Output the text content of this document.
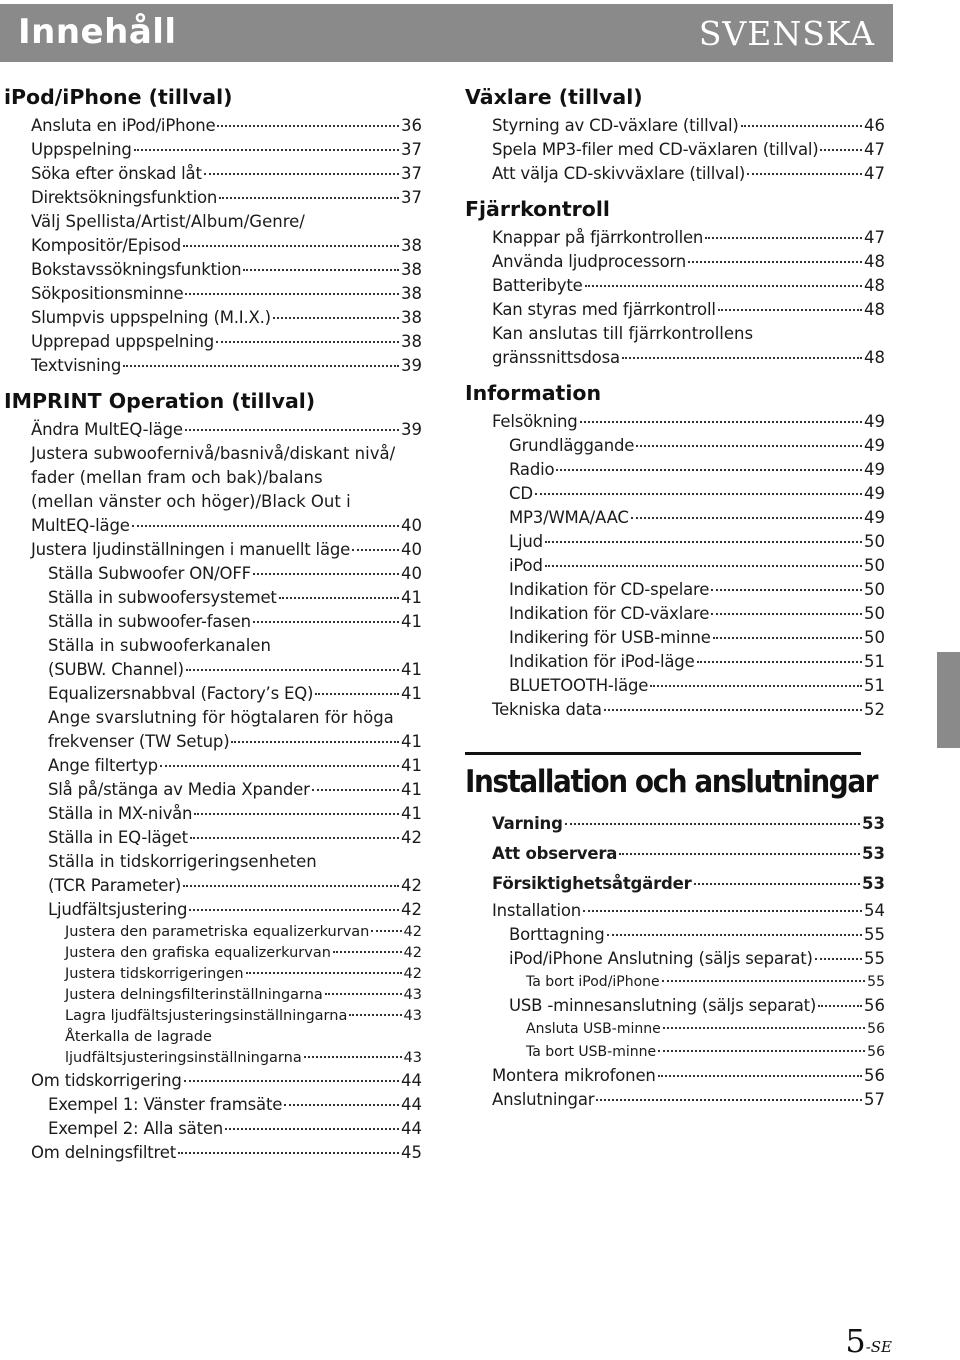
Innehåll	SVENSKA
iPod/iPhone (tillval)
Ansluta en iPod/iPhone	36
Uppspelning	37
Söka efter önskad låt	37
Direktsökningsfunktion	37
Välj Spellista/Artist/Album/Genre/
Kompositör/Episod	38
Bokstavssökningsfunktion	38
Sökpositionsminne	38
Slumpvis uppspelning (M.I.X.)	38
Upprepad uppspelning	38
Textvisning	39
IMPRINT Operation (tillval)
Ändra MultEQ-läge	39
Justera subwoofernivå/basnivå/diskant nivå/
fader (mellan fram och bak)/balans
(mellan vänster och höger)/Black Out i
MultEQ-läge	40
Justera ljudinställningen i manuellt läge	40
Ställa Subwoofer ON/OFF	40
Ställa in subwoofersystemet	41
Ställa in subwoofer-fasen	41
Ställa in subwooferkanalen
(SUBW. Channel)	41
Equalizersnabbval (Factory’s EQ)	41
Ange svarslutning för högtalaren för höga
frekvenser (TW Setup)	41
Ange filtertyp	41
Slå på/stänga av Media Xpander	41
Ställa in MX-nivån	41
Ställa in EQ-läget	42
Ställa in tidskorrigeringsenheten
(TCR Parameter)	42
Ljudfältsjustering	42
Justera den parametriska equalizerkurvan 42
Justera den grafiska equalizerkurvan	42
Justera tidskorrigeringen	42
Justera delningsfilterinställningarna	43
Lagra ljudfältsjusteringsinställningarna	43
Återkalla de lagrade
ljudfältsjusteringsinställningarna	43
Om tidskorrigering	44
Exempel 1: Vänster framsäte	44
Exempel 2: Alla säten	44
Om delningsfiltret	45
Växlare (tillval)
Styrning av CD-växlare (tillval)	46
Spela MP3-filer med CD-växlaren (tillval)	47
Att välja CD-skivväxlare (tillval)	47
Fjärrkontroll
Knappar på fjärrkontrollen	47
Använda ljudprocessorn	48
Batteribyte	48
Kan styras med fjärrkontroll	48
Kan anslutas till fjärrkontrollens
gränssnittsdosa	48
Information
Felsökning	49
Grundläggande	49
Radio	49
CD	49
MP3/WMA/AAC	49
Ljud	50
iPod	50
Indikation för CD-spelare	50
Indikation för CD-växlare	50
Indikering för USB-minne	50
Indikation för iPod-läge	51
BLUETOOTH-läge	51
Tekniska data	52
Installation och anslutningar
Varning	53
Att observera	53
Försiktighetsåtgärder	53
Installation	54
Borttagning	55
iPod/iPhone Anslutning (säljs separat)	55
Ta bort iPod/iPhone	55
USB -minnesanslutning (säljs separat)	56
Ansluta USB-minne	56
Ta bort USB-minne	56
Montera mikrofonen	56
Anslutningar	57
5-SE
